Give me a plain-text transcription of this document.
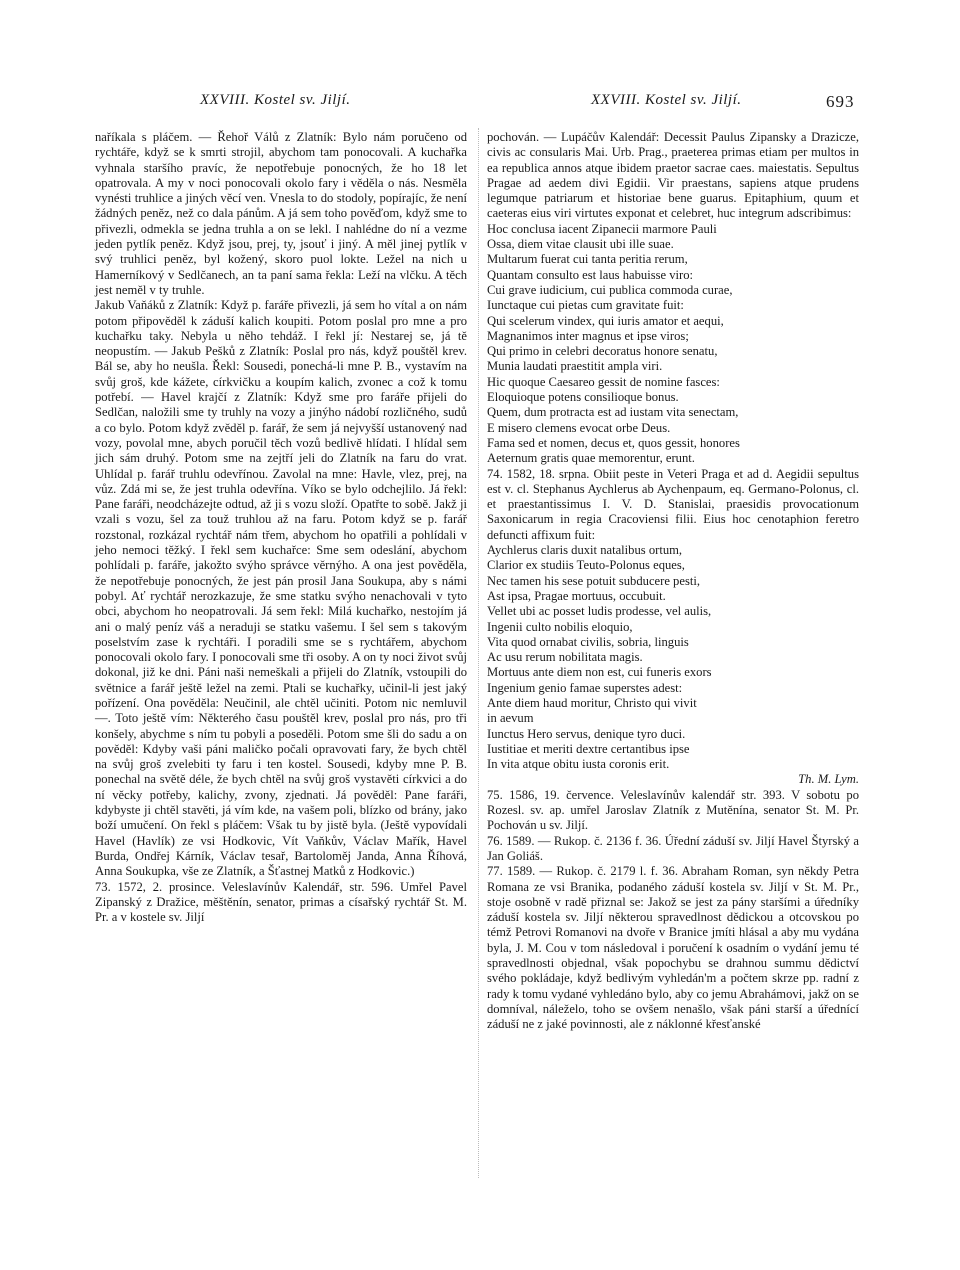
XXVIII. Kostel sv. Jiljí.	XXVIII. Kostel sv. Jiljí.	693

naříkala s pláčem. — Řehoř Válů z Zlatník: Bylo nám poručeno od rychtáře, když se k smrti strojil, abychom tam ponocovali. A kuchařka vyhnala staršího pravíc, že nepotřebuje ponocných, že ho 18 let opatrovala. A my v noci ponocovali okolo fary i věděla o nás. Nesměla vynésti truhlice a jiných věcí ven. Vnesla to do stodoly, popírajíc, že není žádných peněz, než co dala pánům. A já sem toho pověďom, když sme to přivezli, odmekla se jedna truhla a on se lekl. I nahlédne do ní a vezme jeden pytlík peněz. Když jsou, prej, ty, jsouť i jiný. A měl jinej pytlík v svý truhlici peněz, byl kožený, skoro puol lokte. Ležel na nich u Hamerníkový v Sedlčanech, an ta paní sama řekla: Leží na vlčku. A těch jest neměl v ty truhle.

Jakub Vaňáků z Zlatník: Když p. faráře přivezli, já sem ho vítal a on nám potom připověděl k záduší kalich koupiti. Potom poslal pro mne a pro kuchařku taky. Nebyla u něho tehdáž. I řekl jí: Nestarej se, já tě neopustím. — Jakub Pešků z Zlatník: Poslal pro nás, když pouštěl krev. Bál se, aby ho neušla. Řekl: Sousedi, ponechá-li mne P. B., vystavím na svůj groš, kde kážete, církvičku a koupím kalich, zvonec a což k tomu potřebí. — Havel krajčí z Zlatník: Když sme pro faráře přijeli do Sedlčan, naložili sme ty truhly na vozy a jinýho nádobí rozličného, sudů a co bylo. Potom když zvěděl p. farář, že sem já nejvyšší ustanovený nad vozy, povolal mne, abych poručil těch vozů bedlivě hlídati. I hlídal sem jich sám druhý. Potom sme na zejtří jeli do Zlatník na faru do vrat. Uhlídal p. farář truhlu odevřínou. Zavolal na mne: Havle, vlez, prej, na vůz. Zdá mi se, že jest truhla odevřína. Víko se bylo odchejlilo. Já řekl: Pane faráři, neodcházejte odtud, až ji s vozu složí. Opatřte to sobě. Jakž ji vzali s vozu, šel za touž truhlou až na faru. Potom když se p. farář rozstonal, rozkázal rychtář nám třem, abychom ho opatřili a pohlídali v jeho nemoci těžký. I řekl sem kuchařce: Sme sem odeslání, abychom pohlídali p. faráře, jakožto svýho správce věrnýho. A ona jest pověděla, že nepotřebuje ponocných, že jest pán prosil Jana Soukupa, aby s námi pobyl. Ať rychtář nerozkazuje, že sme statku svýho nenachovali v tyto obci, abychom ho neopatrovali. Já sem řekl: Milá kuchařko, nestojím já ani o malý peníz váš a neraduji se statku vašemu. I šel sem s takovým poselstvím zase k rychtáři. I poradili sme se s rychtářem, abychom ponocovali okolo fary. I ponocovali sme tři osoby. A on ty noci život svůj dokonal, již ke dni. Páni naši nemeškali a přijeli do Zlatník, vstoupili do světnice a farář ještě ležel na zemi. Ptali se kuchařky, učinil-li jest jaký pořízení. Ona pověděla: Neučinil, ale chtěl učiniti. Potom nic nemluvil —. Toto ještě vím: Některého času pouštěl krev, poslal pro nás, pro tři konšely, abychme s ním tu pobyli a poseděli. Potom sme šli do sadu a on pověděl: Kdyby vaši páni maličko počali opravovati fary, že bych chtěl na svůj groš zvelebiti ty faru i ten kostel. Sousedi, kdyby mne P. B. ponechal na světě déle, že bych chtěl na svůj groš vystavěti církvici a do ní věcky potřeby, kalichy, zvony, zjednati. Já pověděl: Pane faráři, kdybyste ji chtěl stavěti, já vím kde, na vašem poli, blízko od brány, jako boží umučení. On řekl s pláčem: Však tu by jistě byla. (Ještě vypovídali Havel (Havlík) ze vsi Hodkovic, Vít Vaňkův, Václav Mařík, Havel Burda, Ondřej Kárník, Václav tesař, Bartoloměj Janda, Anna Říhová, Anna Soukupka, vše ze Zlatník, a Šťastnej Matků z Hodkovic.)

73. 1572, 2. prosince. Veleslavínův Kalendář, str. 596. Umřel Pavel Zipanský z Dražice, měštěnín, senator, primas a císařský rychtář St. M. Pr. a v kostele sv. Jiljí

pochován. — Lupáčův Kalendář: Decessit Paulus Zipansky a Drazicze, civis ac consularis Mai. Urb. Prag., praeterea primas etiam per multos in ea republica annos atque ibidem praetor sacrae caes. maiestatis. Sepultus Pragae ad aedem divi Egidii. Vir praestans, sapiens atque prudens legumque patriarum et historiae bene guarus. Epitaphium, quum et caeteras eius viri virtutes exponat et celebret, huc integrum adscribimus:

Hoc conclusa iacent Zipanecii marmore Pauli
Ossa, diem vitae clausit ubi ille suae.
Multarum fuerat cui tanta peritia rerum,
Quantam consulto est laus habuisse viro:
Cui grave iudicium, cui publica commoda curae,
Iunctaque cui pietas cum gravitate fuit:
Qui scelerum vindex, qui iuris amator et aequi,
Magnanimos inter magnus et ipse viros;
Qui primo in celebri decoratus honore senatu,
Munia laudati praestitit ampla viri.
Hic quoque Caesareo gessit de nomine fasces:
Eloquioque potens consilioque bonus.
Quem, dum protracta est ad iustam vita senectam,
E misero clemens evocat orbe Deus.
Fama sed et nomen, decus et, quos gessit, honores
Aeternum gratis quae memorentur, erunt.

74. 1582, 18. srpna. Obiit peste in Veteri Praga et ad d. Aegidii sepultus est v. cl. Stephanus Aychlerus ab Aychenpaum, eq. Germano-Polonus, cl. et praestantissimus I. V. D. Stanislai, praesidis provocationum Saxonicarum in regia Cracoviensi filii. Eius hoc cenotaphion feretro defuncti affixum fuit:

Aychlerus claris duxit natalibus ortum,
Clarior ex studiis Teuto-Polonus eques,
Nec tamen his sese potuit subducere pesti,
Ast ipsa, Pragae mortuus, occubuit.
Vellet ubi ac posset ludis prodesse, vel aulis,
Ingenii culto nobilis eloquio,
Vita quod ornabat civilis, sobria, linguis
Ac usu rerum nobilitata magis.
Mortuus ante diem non est, cui funeris exors
Ingenium genio famae superstes adest:
Ante diem haud moritur, Christo qui vivit
in aevum
Iunctus Hero servus, denique tyro duci.
Iustitiae et meriti dextre certantibus ipse
In vita atque obitu iusta coronis erit.

Th. M. Lym.

75. 1586, 19. července. Veleslavínův kalendář str. 393. V sobotu po Rozesl. sv. ap. umřel Jaroslav Zlatník z Mutěnína, senator St. M. Pr. Pochován u sv. Jiljí.

76. 1589. — Rukop. č. 2136 f. 36. Úřední záduší sv. Jiljí Havel Štyrský a Jan Goliáš.

77. 1589. — Rukop. č. 2179 l. f. 36. Abraham Roman, syn někdy Petra Romana ze vsi Branika, podaného záduší kostela sv. Jiljí v St. M. Pr., stoje osobně v radě přiznal se: Jakož se jest za pány staršími a úředníky záduší kostela sv. Jiljí některou spravedlnost dědickou a otcovskou po témž Petrovi Romanovi na dvoře v Branice jmíti hlásal a aby mu vydána byla, J. M. Cou v tom následoval i poručení k osadním o vydání jemu té spravedlnosti objednal, však popochybu se drahnou summu dědictví svého pokládaje, když bedlivým vyhledán'm a počtem skrze pp. radní z rady k tomu vydané vyhledáno bylo, aby co jemu Abrahámovi, jakž on se domníval, náleželo, toho se ovšem nenašlo, však páni starší a úřednící záduší ne z jaké povinnosti, ale z náklonné křesťanské
